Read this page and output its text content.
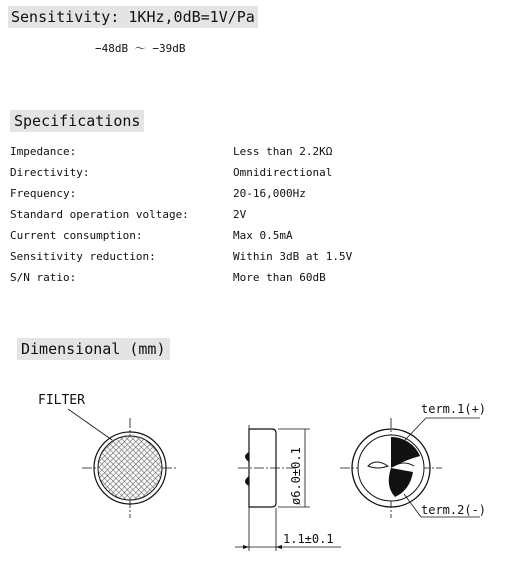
Sensitivity: 1KHz,0dB=1V/Pa
−48dB 〜 −39dB
Specifications
Impedance:	Less than 2.2KΩ
Directivity:	Omnidirectional
Frequency:	20-16,000Hz
Standard operation voltage:	2V
Current consumption:	Max 0.5mA
Sensitivity reduction:	Within 3dB at 1.5V
S/N ratio:	More than 60dB
Dimensional (mm)
FILTER
ø6.0±0.1
1.1±0.1
term.1(+)
term.2(-)
